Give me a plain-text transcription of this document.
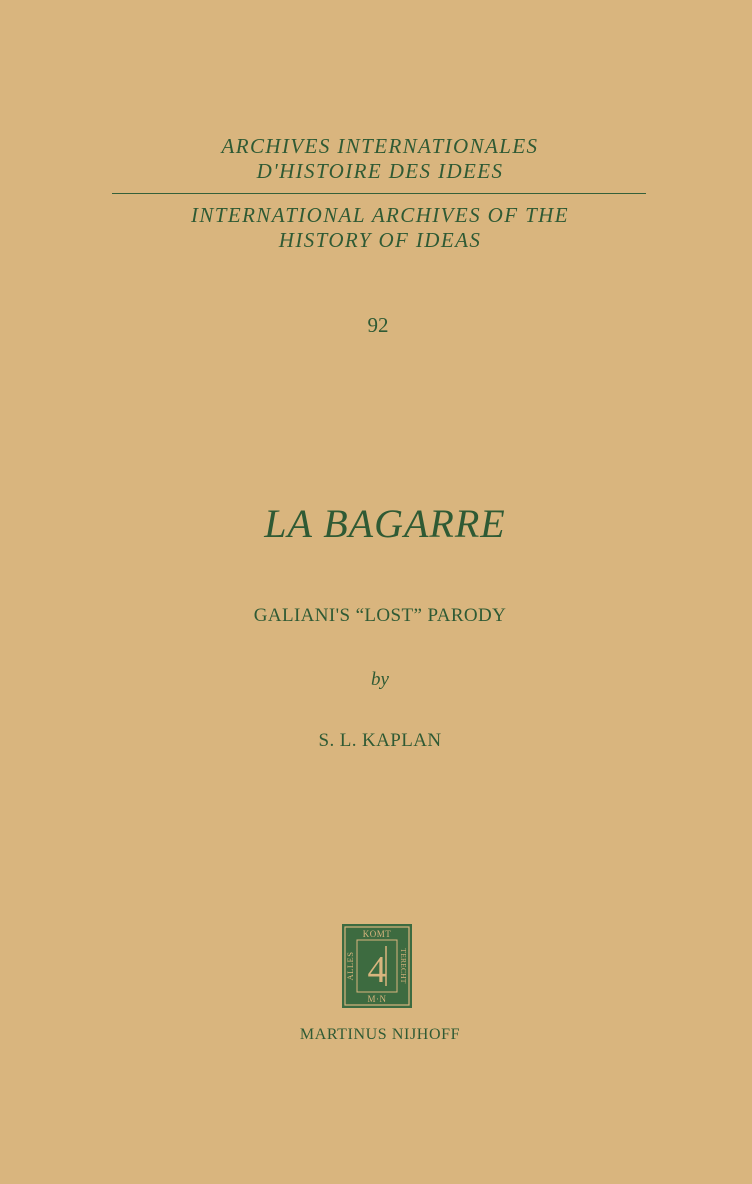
ARCHIVES INTERNATIONALES
D'HISTOIRE DES IDEES
INTERNATIONAL ARCHIVES OF THE
HISTORY OF IDEAS
92
LA BAGARRE
GALIANI'S “LOST” PARODY
by
S. L. KAPLAN
KOMT
M·N
ALLES	TERECHT
4
MARTINUS NIJHOFF
